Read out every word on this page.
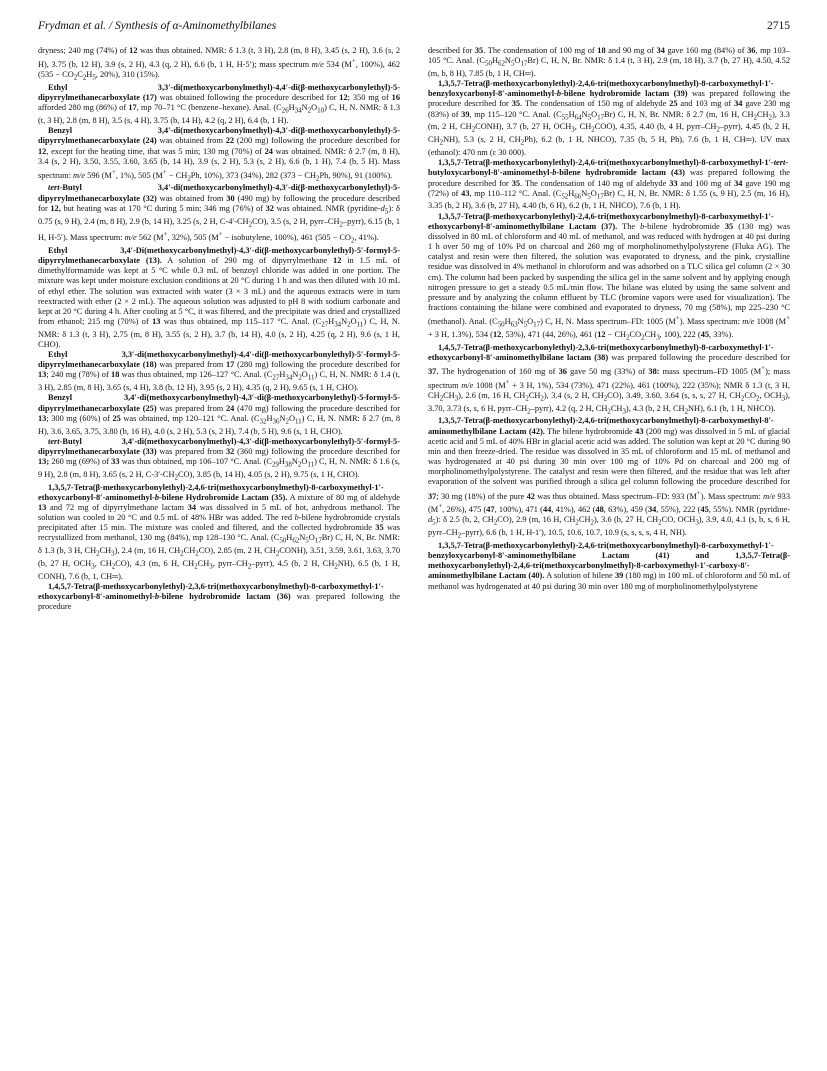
Frydman et al. / Synthesis of α-Aminomethylbilanes	2715

dryness; 240 mg (74%) of 12 was thus obtained. NMR: δ 1.3 (t, 3 H), 2.8 (m, 8 H), 3.45 (s, 2 H), 3.6 (s, 2 H), 3.75 (b, 12 H), 3.9 (s, 2 H), 4.3 (q, 2 H), 6.6 (b, 1 H, H-5′); mass spectrum m/e 534 (M+, 100%), 462 ($535 - CO_2C_2H_5$, 20%), 310 (15%).

Ethyl 3,3′-di(methoxycarbonylmethyl)-4,4′-di(β-methoxycarbonylethyl)-5-dipyrrylmethanecarboxylate (17) was obtained following the procedure described for 12; 350 mg of 16 afforded 280 mg (86%) of 17, mp 70–71 °C (benzene–hexane). Anal. $(C_{26}H_{34}N_2O_{10})$ C, H, N. NMR: δ 1.3 (t, 3 H), 2.8 (m, 8 H), 3.5 (s, 4 H), 3.75 (b, 14 H), 4.2 (q, 2 H), 6.4 (b, 1 H).

Benzyl 3,4′-di(methoxycarbonylmethyl)-4,3′-di(β-methoxycarbonylethyl)-5-dipyrrylmethanecarboxylate (24) was obtained from 22 (200 mg) following the procedure described for 12, except for the heating time, that was 5 min; 130 mg (70%) of 24 was obtained. NMR: δ 2.7 (m, 8 H), 3.4 (s, 2 H), 3.50, 3.55, 3.60, 3.65 (b, 14 H), 3.9 (s, 2 H), 5.3 (s, 2 H), 6.6 (b, 1 H), 7.4 (b, 5 H). Mass spectrum: m/e 596 (M+, 1%), 505 ($M^+ - CH_2Ph$, 10%), 373 (34%), 282 ($373 - CH_2Ph$, 90%), 91 (100%).

tert-Butyl 3,4′-di(methoxycarbonylmethyl)-4,3′-di(β-methoxycarbonylethyl)-5-dipyrrylmethanecarboxylate (32) was obtained from 30 (490 mg) by following the procedure described for 12, but heating was at 170 °C during 5 min; 346 mg (76%) of 32 was obtained. NMR $(pyridine-d_5)$: δ 0.75 (s, 9 H), 2.4 (m, 8 H), 2.9 (b, 14 H), 3.25 (s, 2 H, $C-4'-CH_2CO$), 3.5 (s, 2 H, pyrr–$CH_2-pyrr$), 6.15 (b, 1 H, H-5′). Mass spectrum: m/e 562 (M+, 32%), 505 (M+ − isobutylene, 100%), 461 ($505 - CO_2$, 41%).

Ethyl 3,4′-Di(methoxycarbonylmethyl)-4,3′-di(β-methoxycarbonylethyl)-5′-formyl-5-dipyrrylmethanecarboxylate (13). A solution of 290 mg of dipyrrylmethane 12 in 1.5 mL of dimethylformamide was kept at 5 °C while 0.3 mL of benzoyl chloride was added in one portion. The mixture was kept under moisture exclusion conditions at 20 °C during 1 h and was then diluted with 10 mL of ethyl ether. The solution was extracted with water (3 × 3 mL) and the aqueous extracts were in turn reextracted with ether (2 × 2 mL). The aqueous solution was adjusted to pH 8 with sodium carbonate and kept at 20 °C during 4 h. After cooling at 5 °C, it was filtered, and the precipitate was dried and crystallized from ethanol; 215 mg (70%) of 13 was thus obtained, mp 115–117 °C. Anal. $(C_{27}H_{34}N_2O_{11})$ C, H, N. NMR: δ 1.3 (t, 3 H), 2.75 (m, 8 H), 3.55 (s, 2 H), 3.7 (b, 14 H), 4.0 (s, 2 H), 4.25 (q, 2 H), 9.6 (s, 1 H, CHO).

Ethyl 3,3′-di(methoxycarbonylmethyl)-4,4′-di(β-methoxycarbonylethyl)-5′-formyl-5-dipyrrylmethanecarboxylate (18) was prepared from 17 (280 mg) following the procedure described for 13; 240 mg (78%) of 18 was thus obtained, mp 126–127 °C. Anal. $(C_{27}H_{34}N_2O_{11})$ C, H, N. NMR: δ 1.4 (t, 3 H), 2.85 (m, 8 H), 3.65 (s, 4 H), 3.8 (b, 12 H), 3.95 (s, 2 H), 4.35 (q, 2 H), 9.65 (s, 1 H, CHO).

Benzyl 3,4′-di(methoxycarbonylmethyl)-4,3′-di(β-methoxycarbonylethyl)-5-formyl-5-dipyrrylmethanecarboxylate (25) was prepared from 24 (470 mg) following the procedure described for 13; 300 mg (60%) of 25 was obtained, mp 120–121 °C. Anal. $(C_{32}H_{36}N_2O_{11})$ C, H, N. NMR: δ 2.7 (m, 8 H), 3.6, 3.65, 3.75, 3.80 (b, 16 H), 4.0 (s, 2 H), 5.3 (s, 2 H), 7.4 (b, 5 H), 9.6 (s, 1 H, CHO).

tert-Butyl 3,4′-di(methoxycarbonylmethyl)-4,3′-di(β-methoxycarbonylethyl)-5′-formyl-5-dipyrrylmethanecarboxylate (33) was prepared from 32 (360 mg) following the procedure described for 13; 260 mg (69%) of 33 was thus obtained, mp 106–107 °C. Anal. $(C_{29}H_{38}N_2O_{11})$ C, H, N. NMR: δ 1.6 (s, 9 H), 2.8 (m, 8 H), 3.65 (s, 2 H, $C-3'-CH_2CO$), 3.85 (b, 14 H), 4.05 (s, 2 H), 9.75 (s, 1 H, CHO).

1,3,5,7-Tetra(β-methoxycarbonylethyl)-2,4,6-tri(methoxycarbonylmethyl)-8-carboxymethyl-1′-ethoxycarbonyl-8′-aminomethyl-b-bilene Hydrobromide Lactam (35). A mixture of 80 mg of aldehyde 13 and 72 mg of dipyrrylmethane lactam 34 was dissolved in 5 mL of hot, anhydrous methanol. The solution was cooled to 20 °C and 0.5 mL of 48% HBr was added. The red b-bilene hydrobromide crystals precipitated after 15 min. The mixture was cooled and filtered, and the collected hydrobromide 35 was recrystallized from methanol, 130 mg (84%), mp 128–130 °C. Anal. $(C_{50}H_{62}N_5O_{17}Br)$ C, H, N, Br. NMR: δ 1.3 (b, 3 H, $CH_2CH_3$), 2.4 (m, 16 H, $CH_2CH_2CO$), 2.85 (m, 2 H, $CH_2CONH$), 3.51, 3.59, 3.61, 3.63, 3.70 (b, 27 H, $OCH_3$, $CH_2CO$), 4.3 (m, 6 H, $CH_2CH_3$, pyrr–$CH_2-pyrr$), 4.5 (b, 2 H, $CH_2NH$), 6.5 (b, 1 H, CONH), 7.6 (b, 1, CH═).

1,4,5,7-Tetra(β-methoxycarbonylethyl)-2,3,6-tri(methoxycarbonylmethyl)-8-carboxymethyl-1′-ethoxycarbonyl-8′-aminomethyl-b-bilene hydrobromide lactam (36) was prepared following the procedure

described for 35. The condensation of 100 mg of 18 and 90 mg of 34 gave 160 mg (84%) of 36, mp 103–105 °C. Anal. $(C_{50}H_{62}N_5O_{17}Br)$ C, H, N, Br. NMR: δ 1.4 (t, 3 H), 2.9 (m, 18 H), 3.7 (b, 27 H), 4.50, 4.52 (m, b, 8 H), 7.85 (b, 1 H, CH═).

1,3,5,7-Tetra(β-methoxycarbonylethyl)-2,4,6-tri(methoxycarbonylmethyl)-8-carboxymethyl-1′-benzyloxycarbonyl-8′-aminomethyl-b-bilene hydrobromide lactam (39) was prepared following the procedure described for 35. The condensation of 150 mg of aldehyde 25 and 103 mg of 34 gave 230 mg (83%) of 39, mp 115–120 °C. Anal. $(C_{55}H_{64}N_5O_{17}Br)$ C, H, N, Br. NMR: δ 2.7 (m, 16 H, $CH_2CH_2$), 3.3 (m, 2 H, $CH_2CONH$), 3.7 (b, 27 H, $OCH_3$, $CH_2COO$), 4.35, 4.40 (b, 4 H, pyrr–$CH_2-pyrr$), 4.45 (b, 2 H, $CH_2NH$), 5.3 (s, 2 H, $CH_2Ph$), 6.2 (b, 1 H, NHCO), 7.35 (b, 5 H, Ph), 7.6 (b, 1 H, CH═). UV max (ethanol): 470 nm (ε 30 000).

1,3,5,7-Tetra(β-methoxycarbonylethyl)-2,4,6-tri(methoxycarbonylmethyl)-8-carboxymethyl-1′-tert-butyloxycarbonyl-8′-aminomethyl-b-bilene hydrobromide lactam (43) was prepared following the procedure described for 35. The condensation of 140 mg of aldehyde 33 and 100 mg of 34 gave 190 mg (72%) of 43, mp 110–112 °C. Anal. $(C_{52}H_{66}N_5O_{17}Br)$ C, H, N, Br. NMR: δ 1.55 (s, 9 H), 2.5 (m, 16 H), 3.35 (b, 2 H), 3.6 (b, 27 H), 4.40 (b, 6 H), 6.2 (b, 1 H, NHCO), 7.6 (b, 1 H).

1,3,5,7-Tetra(β-methoxycarbonylethyl)-2,4,6-tri(methoxycarbonylmethyl)-8-carboxymethyl-1′-ethoxycarbonyl-8′-aminomethylbilane Lactam (37). The b-bilene hydrobromide 35 (130 mg) was dissolved in 80 mL of chloroform and 40 mL of methanol, and was reduced with hydrogen at 40 psi during 1 h over 50 mg of 10% Pd on charcoal and 260 mg of morpholinomethylpolystyrene (Fluka AG). The catalyst and resin were then filtered, the solution was evaporated to dryness, and the pink, crystalline residue was dissolved in 4% methanol in chloroform and was adsorbed on a TLC silica gel column (2 × 30 cm). The column had been packed by suspending the silica gel in the same solvent and by applying enough nitrogen pressure to get a steady 0.5 mL/min flow. The bilane was eluted by using the same solvent and pressure and by analyzing the column effluent by TLC (bromine vapors were used for visualization). The fractions containing the bilane were combined and evaporated to dryness, 70 mg (58%), mp 225–230 °C (methanol). Anal. $(C_{50}H_{63}N_5O_{17})$ C, H, N. Mass spectrum–FD: 1005 (M+). Mass spectrum: m/e 1008 (M+ + 3 H, 1.3%), 534 (12, 53%), 471 (44, 26%), 461 ($12 - CH_2CO_2CH_3$, 100), 222 (45, 33%).

1,4,5,7-Tetra(β-methoxycarbonylethyl)-2,3,6-tri(methoxycarbonylmethyl)-8-carboxymethyl-1′-ethoxycarbonyl-8′-aminomethylbilane lactam (38) was prepared following the procedure described for 37. The hydrogenation of 160 mg of 36 gave 50 mg (33%) of 38: mass spectrum–FD 1005 (M+); mass spectrum m/e 1008 (M+ + 3 H, 1%), 534 (73%), 471 (22%), 461 (100%), 222 (35%); NMR δ 1.3 (t, 3 H, $CH_2CH_3$), 2.6 (m, 16 H, $CH_2CH_2$), 3.4 (s, 2 H, $CH_2CO$), 3.49, 3.60, 3.64 (s, s, s, 27 H, $CH_2CO_2$, $OCH_3$), 3.70, 3.73 (s, s, 6 H, pyrr–$CH_2-pyrr$), 4.2 (q, 2 H, $CH_2CH_3$), 4.3 (b, 2 H, $CH_2NH$), 6.1 (b, 1 H, NHCO).

1,3,5,7-Tetra(β-methoxycarbonylethyl)-2,4,6-tri(methoxycarbonylmethyl)-8-carboxymethyl-8′-aminomethylbilane Lactam (42). The bilene hydrobromide 43 (200 mg) was dissolved in 5 mL of glacial acetic acid and 5 mL of 40% HBr in glacial acetic acid was added. The solution was kept at 20 °C during 90 min and then freeze-dried. The residue was dissolved in 35 mL of chloroform and 15 mL of methanol and was hydrogenated at 40 psi during 30 min over 100 mg of 10% Pd on charcoal and 200 mg of morpholinomethylpolystyrene. The catalyst and resin were then filtered, and the residue that was left after evaporation of the solvent was purified through a silica gel column following the procedure described for 37; 30 mg (18%) of the pure 42 was thus obtained. Mass spectrum–FD: 933 (M+). Mass spectrum: m/e 933 (M+, 26%), 475 (47, 100%), 471 (44, 41%), 462 (48, 63%), 459 (34, 55%), 222 (45, 55%). NMR $(pyridine-d_5)$: δ 2.5 (b, 2, $CH_2CO$), 2.9 (m, 16 H, $CH_2CH_2$), 3.6 (b, 27 H, $CH_2CO$, $OCH_3$), 3.9, 4.0, 4.1 (s, b, s, 6 H, pyrr–$CH_2-pyrr$), 6.6 (b, 1 H, H-1′), 10.5, 10.6, 10.7, 10.9 (s, s, s, s, 4 H, NH).

1,3,5,7-Tetra(β-methoxycarbonylethyl)-2,4,6-tri(methoxycarbonylmethyl)-8-carboxymethyl-1′-benzyloxycarbonyl-8′-aminomethylbilane Lactam (41) and 1,3,5,7-Tetra(β-methoxycarbonylethyl)-2,4,6-tri(methoxycarbonylmethyl)-8-carboxymethyl-1′-carboxy-8′-aminomethylbilane Lactam (40). A solution of bilene 39 (180 mg) in 100 mL of chloroform and 50 mL of methanol was hydrogenated at 40 psi during 30 min over 180 mg of morpholinomethylpolystyrene
